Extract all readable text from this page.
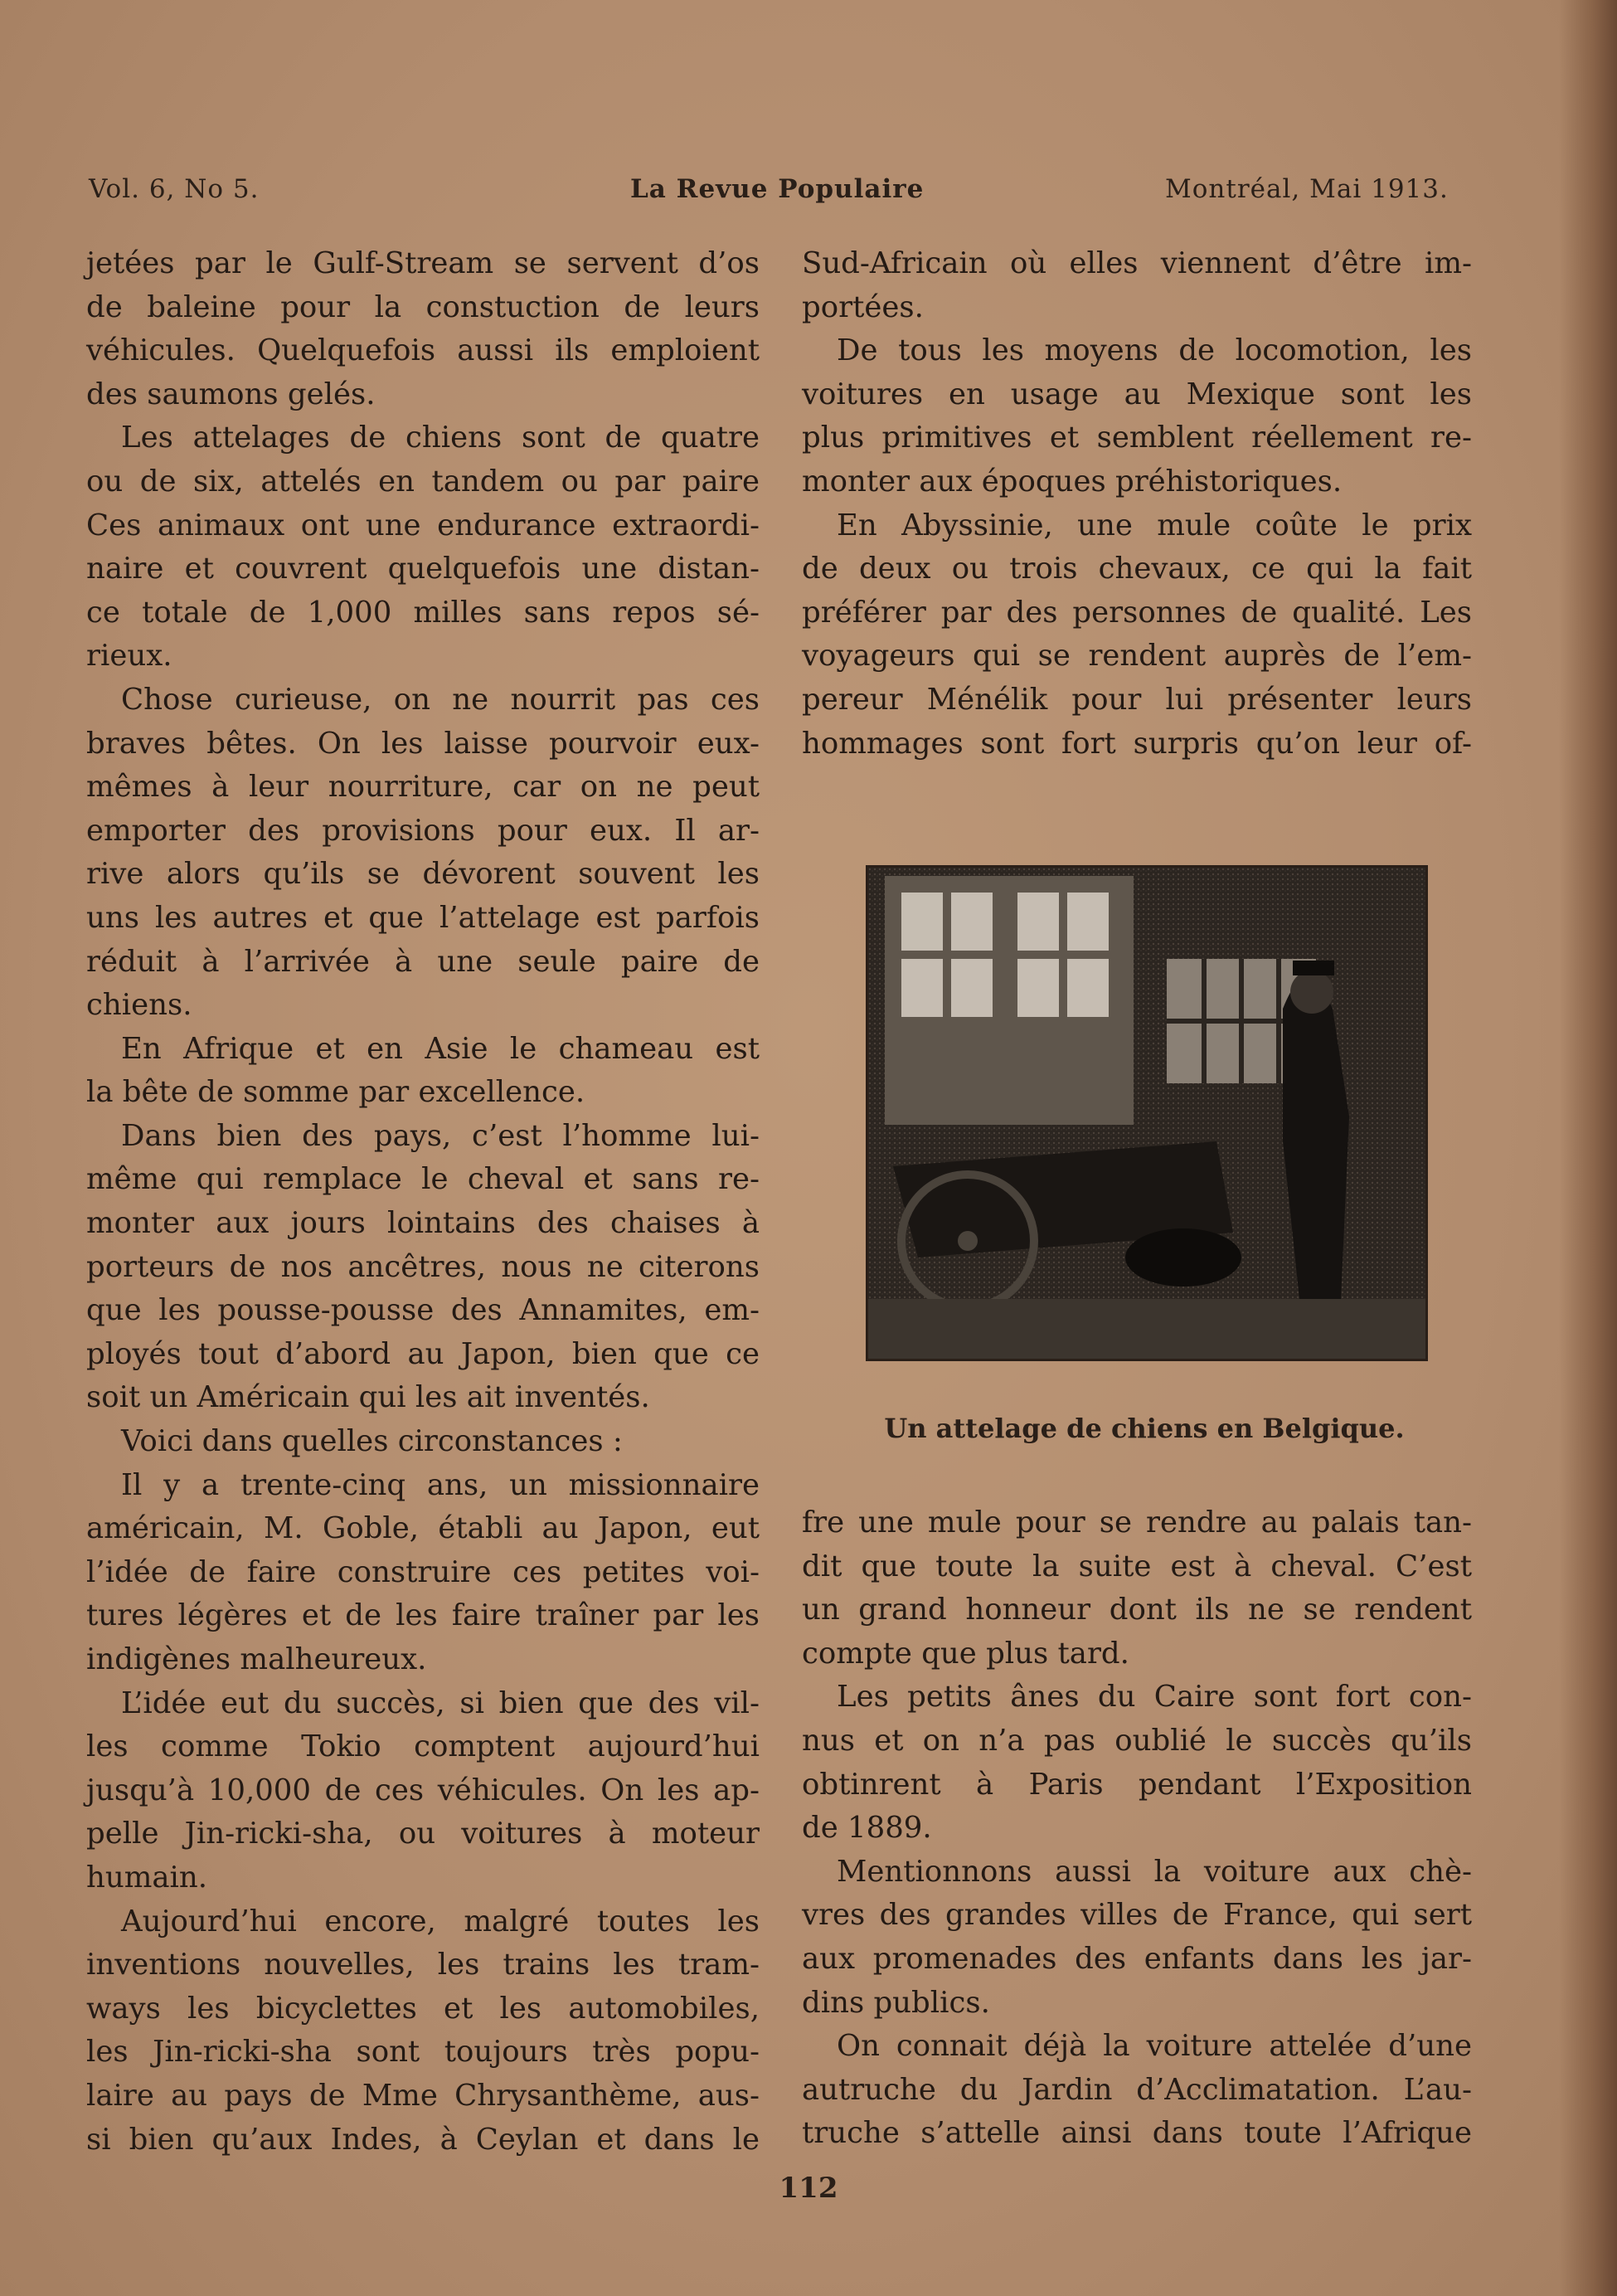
Vol. 6, No 5.	La Revue Populaire	Montréal, Mai 1913.
jetées par le Gulf-Stream se servent d’os
de baleine pour la constuction de leurs
véhicules. Quelquefois aussi ils emploient
des saumons gelés.
Les attelages de chiens sont de quatre
ou de six, attelés en tandem ou par paire
Ces animaux ont une endurance extraordi-
naire et couvrent quelquefois une distan-
ce totale de 1,000 milles sans repos sé-
rieux.
Chose curieuse, on ne nourrit pas ces
braves bêtes. On les laisse pourvoir eux-
mêmes à leur nourriture, car on ne peut
emporter des provisions pour eux. Il ar-
rive alors qu’ils se dévorent souvent les
uns les autres et que l’attelage est parfois
réduit à l’arrivée à une seule paire de
chiens.
En Afrique et en Asie le chameau est
la bête de somme par excellence.
Dans bien des pays, c’est l’homme lui-
même qui remplace le cheval et sans re-
monter aux jours lointains des chaises à
porteurs de nos ancêtres, nous ne citerons
que les pousse-pousse des Annamites, em-
ployés tout d’abord au Japon, bien que ce
soit un Américain qui les ait inventés.
Voici dans quelles circonstances :
Il y a trente-cinq ans, un missionnaire
américain, M. Goble, établi au Japon, eut
l’idée de faire construire ces petites voi-
tures légères et de les faire traîner par les
indigènes malheureux.
L’idée eut du succès, si bien que des vil-
les comme Tokio comptent aujourd’hui
jusqu’à 10,000 de ces véhicules. On les ap-
pelle Jin-ricki-sha, ou voitures à moteur
humain.
Aujourd’hui encore, malgré toutes les
inventions nouvelles, les trains les tram-
ways les bicyclettes et les automobiles,
les Jin-ricki-sha sont toujours très popu-
laire au pays de Mme Chrysanthème, aus-
si bien qu’aux Indes, à Ceylan et dans le
Sud-Africain où elles viennent d’être im-
portées.
De tous les moyens de locomotion, les
voitures en usage au Mexique sont les
plus primitives et semblent réellement re-
monter aux époques préhistoriques.
En Abyssinie, une mule coûte le prix
de deux ou trois chevaux, ce qui la fait
préférer par des personnes de qualité. Les
voyageurs qui se rendent auprès de l’em-
pereur Ménélik pour lui présenter leurs
hommages sont fort surpris qu’on leur of-
Un attelage de chiens en Belgique.
fre une mule pour se rendre au palais tan-
dit que toute la suite est à cheval. C’est
un grand honneur dont ils ne se rendent
compte que plus tard.
Les petits ânes du Caire sont fort con-
nus et on n’a pas oublié le succès qu’ils
obtinrent à Paris pendant l’Exposition
de 1889.
Mentionnons aussi la voiture aux chè-
vres des grandes villes de France, qui sert
aux promenades des enfants dans les jar-
dins publics.
On connait déjà la voiture attelée d’une
autruche du Jardin d’Acclimatation. L’au-
truche s’attelle ainsi dans toute l’Afrique
112
